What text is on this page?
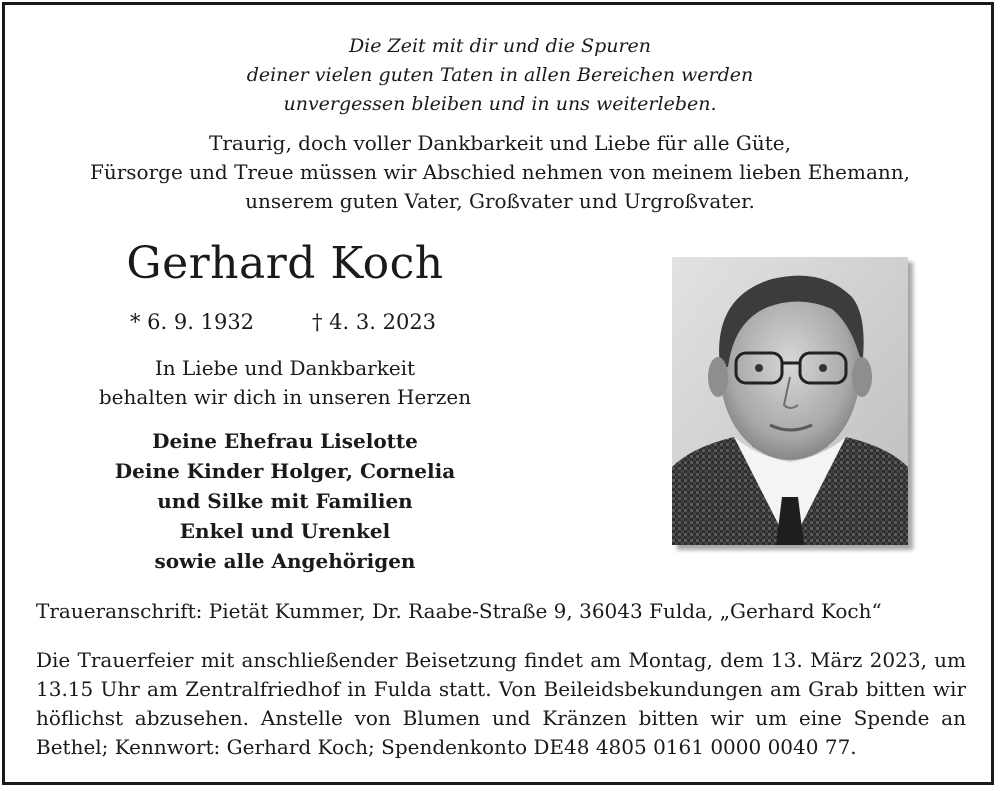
Die Zeit mit dir und die Spuren
deiner vielen guten Taten in allen Bereichen werden
unvergessen bleiben und in uns weiterleben.
Traurig, doch voller Dankbarkeit und Liebe für alle Güte,
Fürsorge und Treue müssen wir Abschied nehmen von meinem lieben Ehemann,
unserem guten Vater, Großvater und Urgroßvater.
Gerhard Koch
* 6. 9. 1932	† 4. 3. 2023
In Liebe und Dankbarkeit
behalten wir dich in unseren Herzen
Deine Ehefrau Liselotte
Deine Kinder Holger, Cornelia
und Silke mit Familien
Enkel und Urenkel
sowie alle Angehörigen
Traueranschrift: Pietät Kummer, Dr. Raabe-Straße 9, 36043 Fulda, „Gerhard Koch“
Die Trauerfeier mit anschließender Beisetzung findet am Montag, dem 13. März 2023, um
13.15 Uhr am Zentralfriedhof in Fulda statt. Von Beileidsbekundungen am Grab bitten wir
höflichst abzusehen. Anstelle von Blumen und Kränzen bitten wir um eine Spende an
Bethel; Kennwort: Gerhard Koch; Spendenkonto DE48 4805 0161 0000 0040 77.
